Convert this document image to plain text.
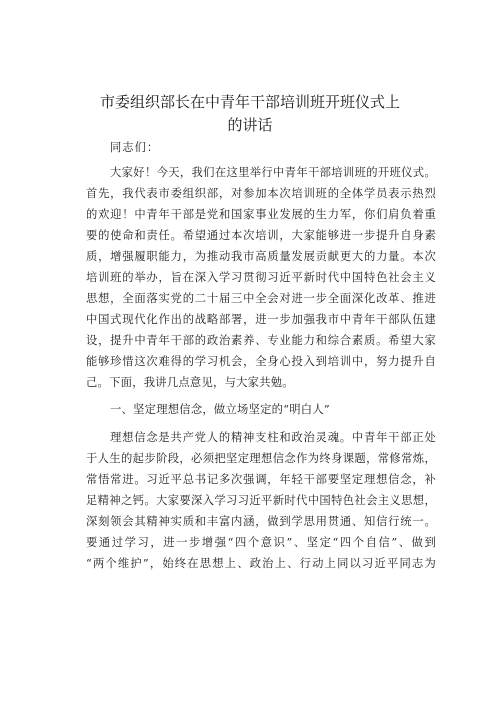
市委组织部长在中青年干部培训班开班仪式上
的讲话
同志们：
大家好！今天，我们在这里举行中青年干部培训班的开班仪式。
首先，我代表市委组织部，对参加本次培训班的全体学员表示热烈
的欢迎！中青年干部是党和国家事业发展的生力军，你们肩负着重
要的使命和责任。希望通过本次培训，大家能够进一步提升自身素
质，增强履职能力，为推动我市高质量发展贡献更大的力量。本次
培训班的举办，旨在深入学习贯彻习近平新时代中国特色社会主义
思想，全面落实党的二十届三中全会对进一步全面深化改革、推进
中国式现代化作出的战略部署，进一步加强我市中青年干部队伍建
设，提升中青年干部的政治素养、专业能力和综合素质。希望大家
能够珍惜这次难得的学习机会，全身心投入到培训中，努力提升自
己。下面，我讲几点意见，与大家共勉。
一、坚定理想信念，做立场坚定的“明白人”
理想信念是共产党人的精神支柱和政治灵魂。中青年干部正处
于人生的起步阶段，必须把坚定理想信念作为终身课题，常修常炼，
常悟常进。习近平总书记多次强调，年轻干部要坚定理想信念，补
足精神之钙。大家要深入学习习近平新时代中国特色社会主义思想，
深刻领会其精神实质和丰富内涵，做到学思用贯通、知信行统一。
要通过学习，进一步增强“四个意识”、坚定“四个自信”、做到
“两个维护”，始终在思想上、政治上、行动上同以习近平同志为
